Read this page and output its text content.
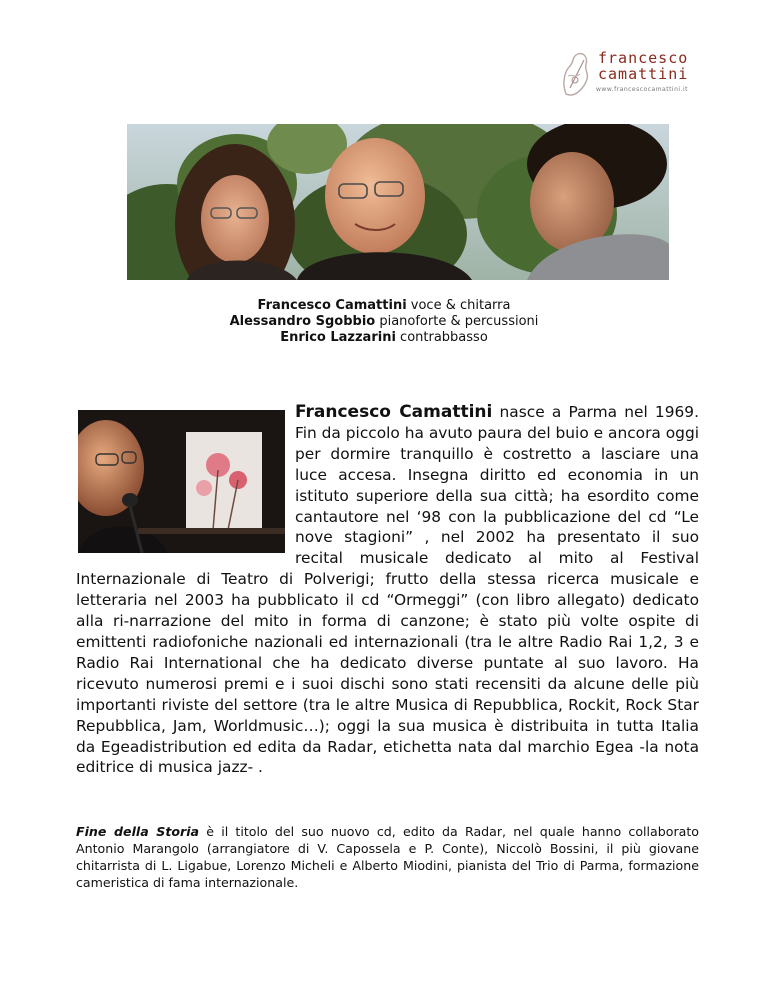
francesco
camattini
www.francescocamattini.it
Francesco Camattini voce & chitarra
Alessandro Sgobbio pianoforte & percussioni
Enrico Lazzarini contrabbasso

Francesco Camattini nasce a Parma nel 1969. Fin da piccolo ha avuto paura del buio e ancora oggi per dormire tranquillo è costretto a lasciare una luce accesa. Insegna diritto ed economia in un istituto superiore della sua città; ha esordito come cantautore nel ‘98 con la pubblicazione del cd “Le nove stagioni” , nel 2002 ha presentato il suo recital musicale dedicato al mito al Festival Internazionale di Teatro di Polverigi; frutto della stessa ricerca musicale e letteraria nel 2003 ha pubblicato il cd “Ormeggi” (con libro allegato) dedicato alla ri-narrazione del mito in forma di canzone; è stato più volte ospite di emittenti radiofoniche nazionali ed internazionali (tra le altre Radio Rai 1,2, 3 e Radio Rai International che ha dedicato diverse puntate al suo lavoro. Ha ricevuto numerosi premi e i suoi dischi sono stati recensiti da alcune delle più importanti riviste del settore (tra le altre Musica di Repubblica, Rockit, Rock Star Repubblica, Jam, Worldmusic…); oggi la sua musica è distribuita in tutta Italia da Egeadistribution ed edita da Radar, etichetta nata dal marchio Egea -la nota editrice di musica jazz- .

Fine della Storia è il titolo del suo nuovo cd, edito da Radar, nel quale hanno collaborato Antonio Marangolo (arrangiatore di V. Capossela e P. Conte), Niccolò Bossini, il più giovane chitarrista di L. Ligabue, Lorenzo Micheli e Alberto Miodini, pianista del Trio di Parma, formazione cameristica di fama internazionale.
